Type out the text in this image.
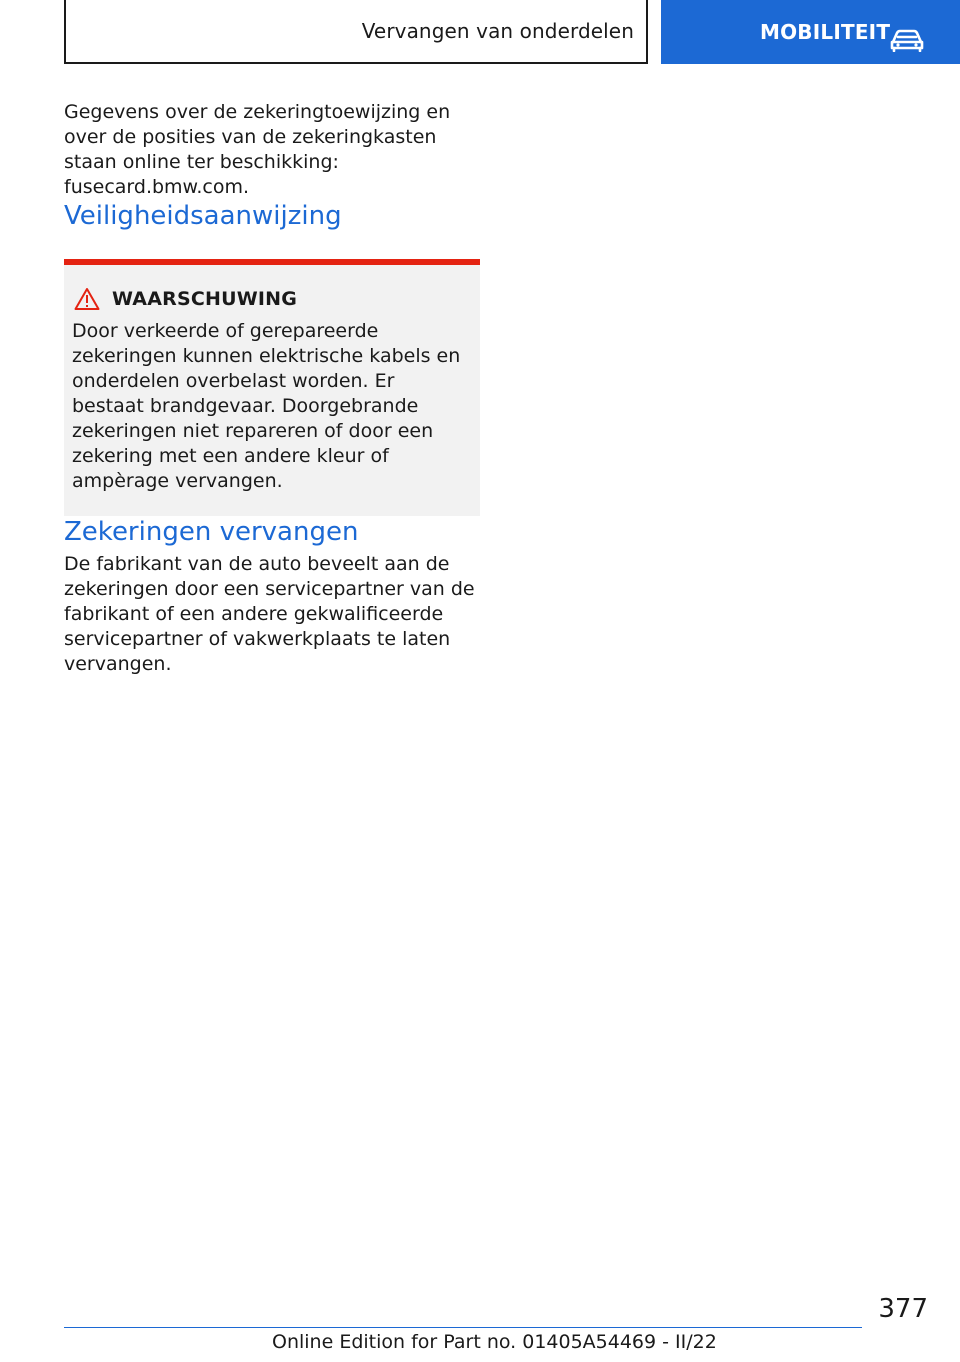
Vervangen van onderdelen	MOBILITEIT

Gegevens over de zekeringtoewijzing en over de posities van de zekeringkasten staan online ter beschikking: fusecard.bmw.com.

Veiligheidsaanwijzing
WAARSCHUWING

Door verkeerde of gerepareerde zekeringen kunnen elektrische kabels en onderdelen overbelast worden. Er bestaat brandgevaar. Doorgebrande zekeringen niet repareren of door een zekering met een andere kleur of ampèrage vervangen.

Zekeringen vervangen

De fabrikant van de auto beveelt aan de zekeringen door een servicepartner van de fabrikant of een andere gekwalificeerde servicepartner of vakwerkplaats te laten vervangen.

377
Online Edition for Part no. 01405A54469 - II/22
